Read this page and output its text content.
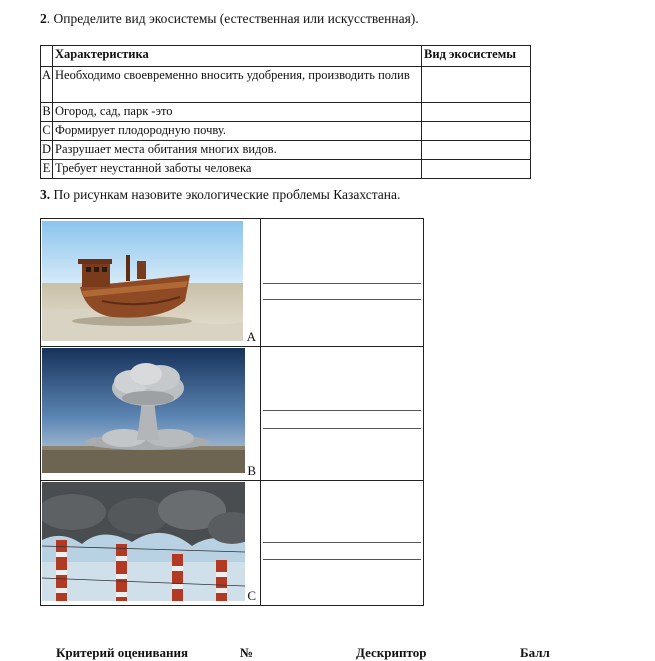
2. Определите вид экосистемы (естественная или искусственная).
	Характеристика	Вид экосистемы
A	Необходимо своевременно вносить удобрения, производить полив	
B	Огород, сад, парк -это	
C	Формирует плодородную почву.	
D	Разрушает места обитания многих видов.	
E	Требует неустанной заботы человека	
3. По рисункам назовите экологические проблемы Казахстана.
A
B
C
Критерий оценивания	№	Дескриптор	Балл
